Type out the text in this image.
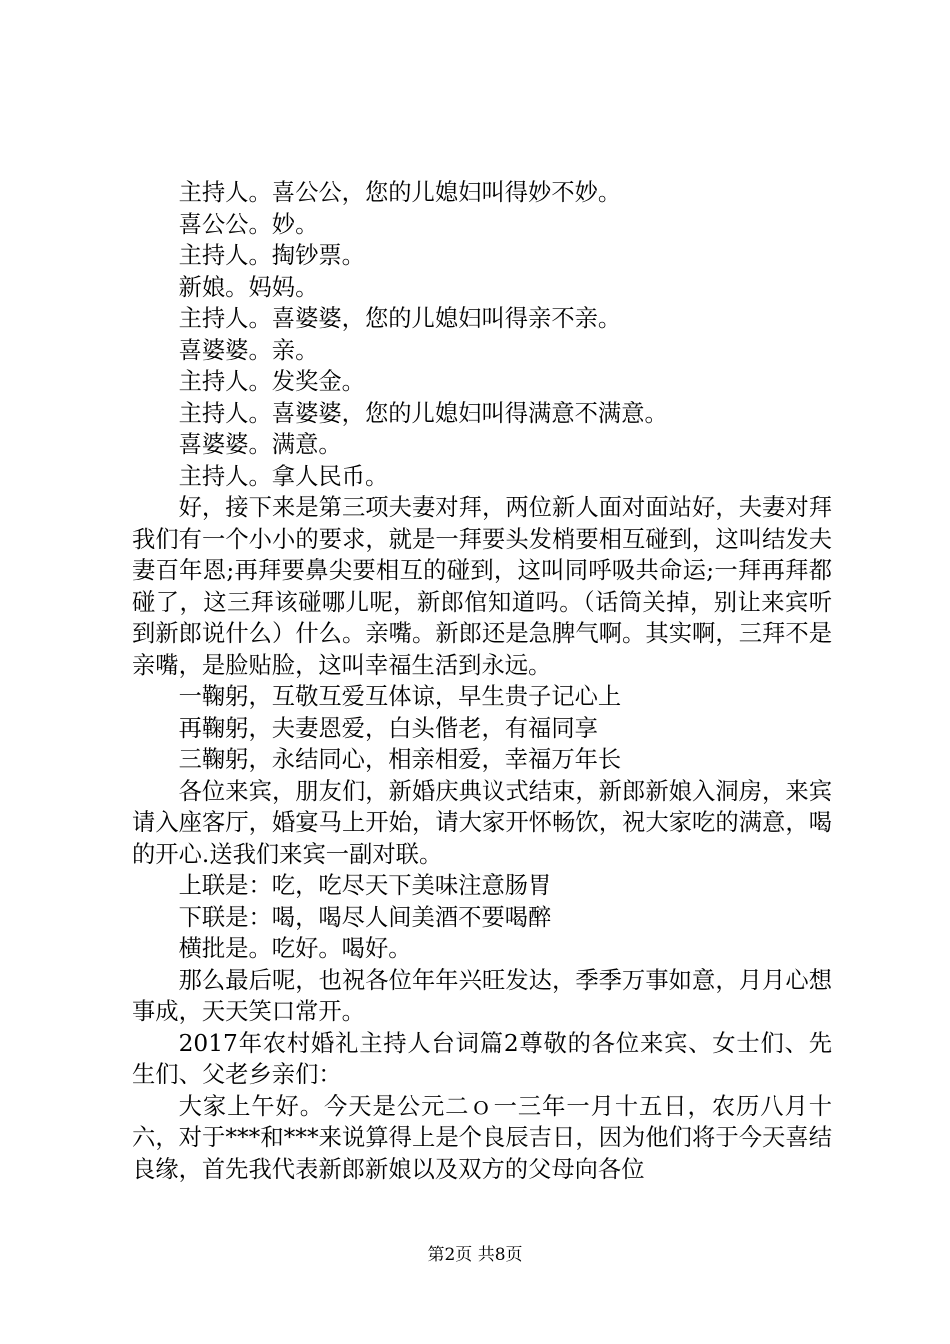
主持人。喜公公，您的儿媳妇叫得妙不妙。

喜公公。妙。

主持人。掏钞票。

新娘。妈妈。

主持人。喜婆婆，您的儿媳妇叫得亲不亲。

喜婆婆。亲。

主持人。发奖金。

主持人。喜婆婆，您的儿媳妇叫得满意不满意。

喜婆婆。满意。

主持人。拿人民币。

好，接下来是第三项夫妻对拜，两位新人面对面站好，夫妻对拜我们有一个小小的要求，就是一拜要头发梢要相互碰到，这叫结发夫妻百年恩;再拜要鼻尖要相互的碰到，这叫同呼吸共命运;一拜再拜都碰了，这三拜该碰哪儿呢，新郎倌知道吗。（话筒关掉，别让来宾听到新郎说什么）什么。亲嘴。新郎还是急脾气啊。其实啊，三拜不是亲嘴，是脸贴脸，这叫幸福生活到永远。

一鞠躬，互敬互爱互体谅，早生贵子记心上

再鞠躬，夫妻恩爱，白头偕老，有福同享

三鞠躬，永结同心，相亲相爱，幸福万年长

各位来宾，朋友们，新婚庆典议式结束，新郎新娘入洞房，来宾请入座客厅，婚宴马上开始，请大家开怀畅饮，祝大家吃的满意，喝的开心.送我们来宾一副对联。

上联是：吃，吃尽天下美味注意肠胃

下联是：喝，喝尽人间美酒不要喝醉

横批是。吃好。喝好。

那么最后呢，也祝各位年年兴旺发达，季季万事如意，月月心想事成，天天笑口常开。

2017年农村婚礼主持人台词篇2尊敬的各位来宾、女士们、先生们、父老乡亲们：

大家上午好。今天是公元二ｏ一三年一月十五日，农历八月十六，对于***和***来说算得上是个良辰吉日，因为他们将于今天喜结良缘，首先我代表新郎新娘以及双方的父母向各位

第2页 共8页
